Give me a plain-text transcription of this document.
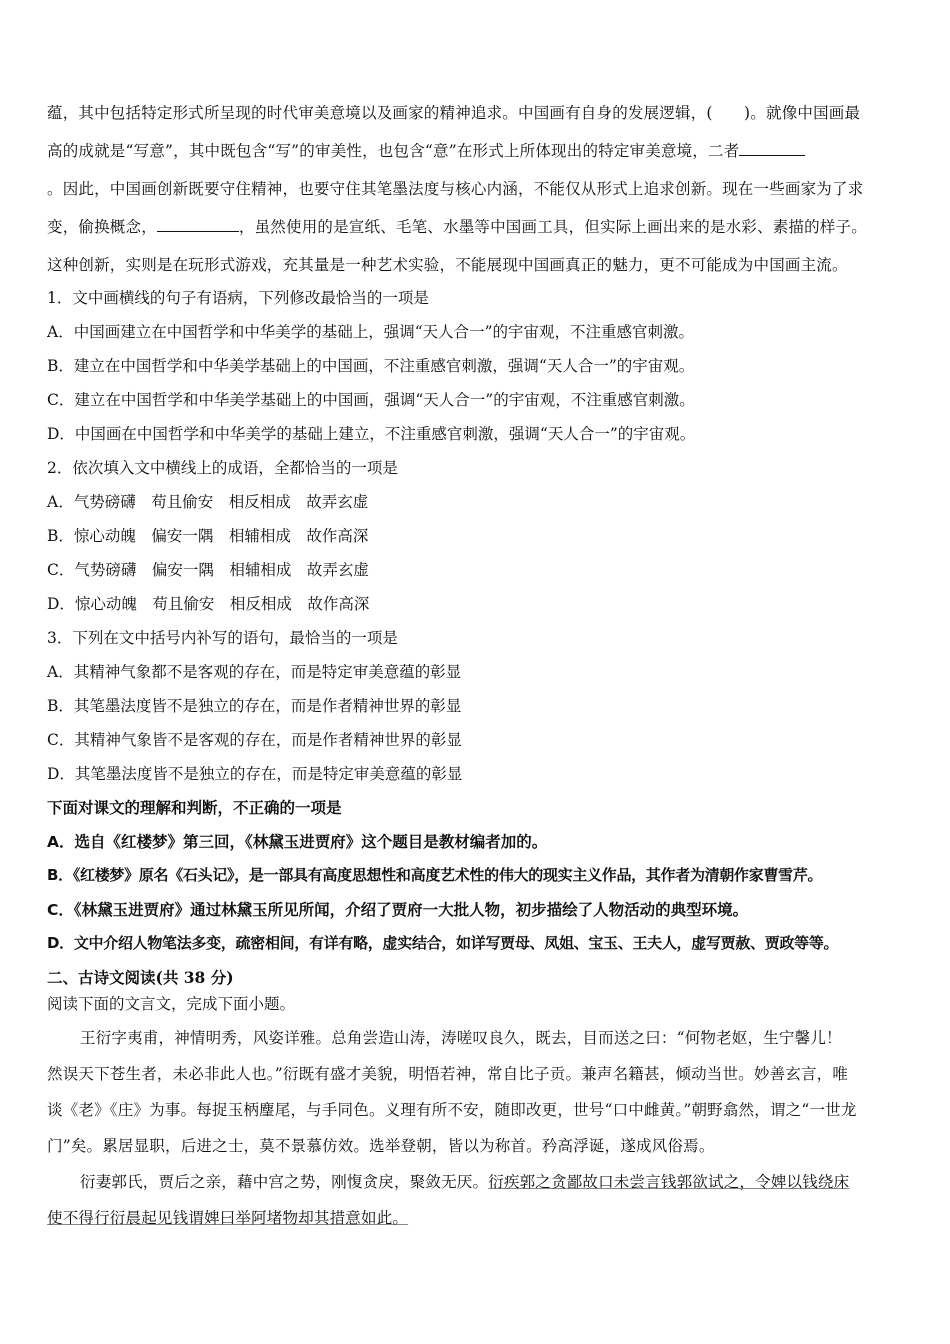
蕴，其中包括特定形式所呈现的时代审美意境以及画家的精神追求。中国画有自身的发展逻辑，(　　)。就像中国画最
高的成就是“写意”，其中既包含“写”的审美性，也包含“意”在形式上所体现出的特定审美意境，二者
。因此，中国画创新既要守住精神，也要守住其笔墨法度与核心内涵，不能仅从形式上追求创新。现在一些画家为了求
变，偷换概念，	，虽然使用的是宣纸、毛笔、水墨等中国画工具，但实际上画出来的是水彩、素描的样子。
这种创新，实则是在玩形式游戏，充其量是一种艺术实验，不能展现中国画真正的魅力，更不可能成为中国画主流。
1．文中画横线的句子有语病，下列修改最恰当的一项是
A．中国画建立在中国哲学和中华美学的基础上，强调“天人合一”的宇宙观，不注重感官刺激。
B．建立在中国哲学和中华美学基础上的中国画，不注重感官刺激，强调“天人合一”的宇宙观。
C．建立在中国哲学和中华美学基础上的中国画，强调“天人合一”的宇宙观，不注重感官刺激。
D．中国画在中国哲学和中华美学的基础上建立，不注重感官刺激，强调“天人合一”的宇宙观。
2．依次填入文中横线上的成语，全都恰当的一项是
A．气势磅礴　苟且偷安　相反相成　故弄玄虚
B．惊心动魄　偏安一隅　相辅相成　故作高深
C．气势磅礴　偏安一隅　相辅相成　故弄玄虚
D．惊心动魄　苟且偷安　相反相成　故作高深
3．下列在文中括号内补写的语句，最恰当的一项是
A．其精神气象都不是客观的存在，而是特定审美意蕴的彰显
B．其笔墨法度皆不是独立的存在，而是作者精神世界的彰显
C．其精神气象皆不是客观的存在，而是作者精神世界的彰显
D．其笔墨法度皆不是独立的存在，而是特定审美意蕴的彰显
下面对课文的理解和判断，不正确的一项是
A．选自《红楼梦》第三回，《林黛玉进贾府》这个题目是教材编者加的。
B．《红楼梦》原名《石头记》，是一部具有高度思想性和高度艺术性的伟大的现实主义作品，其作者为清朝作家曹雪芹。
C．《林黛玉进贾府》通过林黛玉所见所闻，介绍了贾府一大批人物，初步描绘了人物活动的典型环境。
D．文中介绍人物笔法多变，疏密相间，有详有略，虚实结合，如详写贾母、凤姐、宝玉、王夫人，虚写贾赦、贾政等等。
二、古诗文阅读(共 38 分)
阅读下面的文言文，完成下面小题。
王衍字夷甫，神情明秀，风姿详雅。总角尝造山涛，涛嗟叹良久，既去，目而送之曰：“何物老妪，生宁馨儿！
然误天下苍生者，未必非此人也。”衍既有盛才美貌，明悟若神，常自比子贡。兼声名籍甚，倾动当世。妙善玄言，唯
谈《老》《庄》为事。每捉玉柄麈尾，与手同色。义理有所不安，随即改更，世号“口中雌黄。”朝野翕然，谓之“一世龙
门”矣。累居显职，后进之士，莫不景慕仿效。选举登朝，皆以为称首。矜高浮诞，遂成风俗焉。
衍妻郭氏，贾后之亲，藉中宫之势，刚愎贪戾，聚敛无厌。衍疾郭之贪鄙故口未尝言钱郭欲试之，令婢以钱绕床
使不得行衍晨起见钱谓婢曰举阿堵物却其措意如此。
